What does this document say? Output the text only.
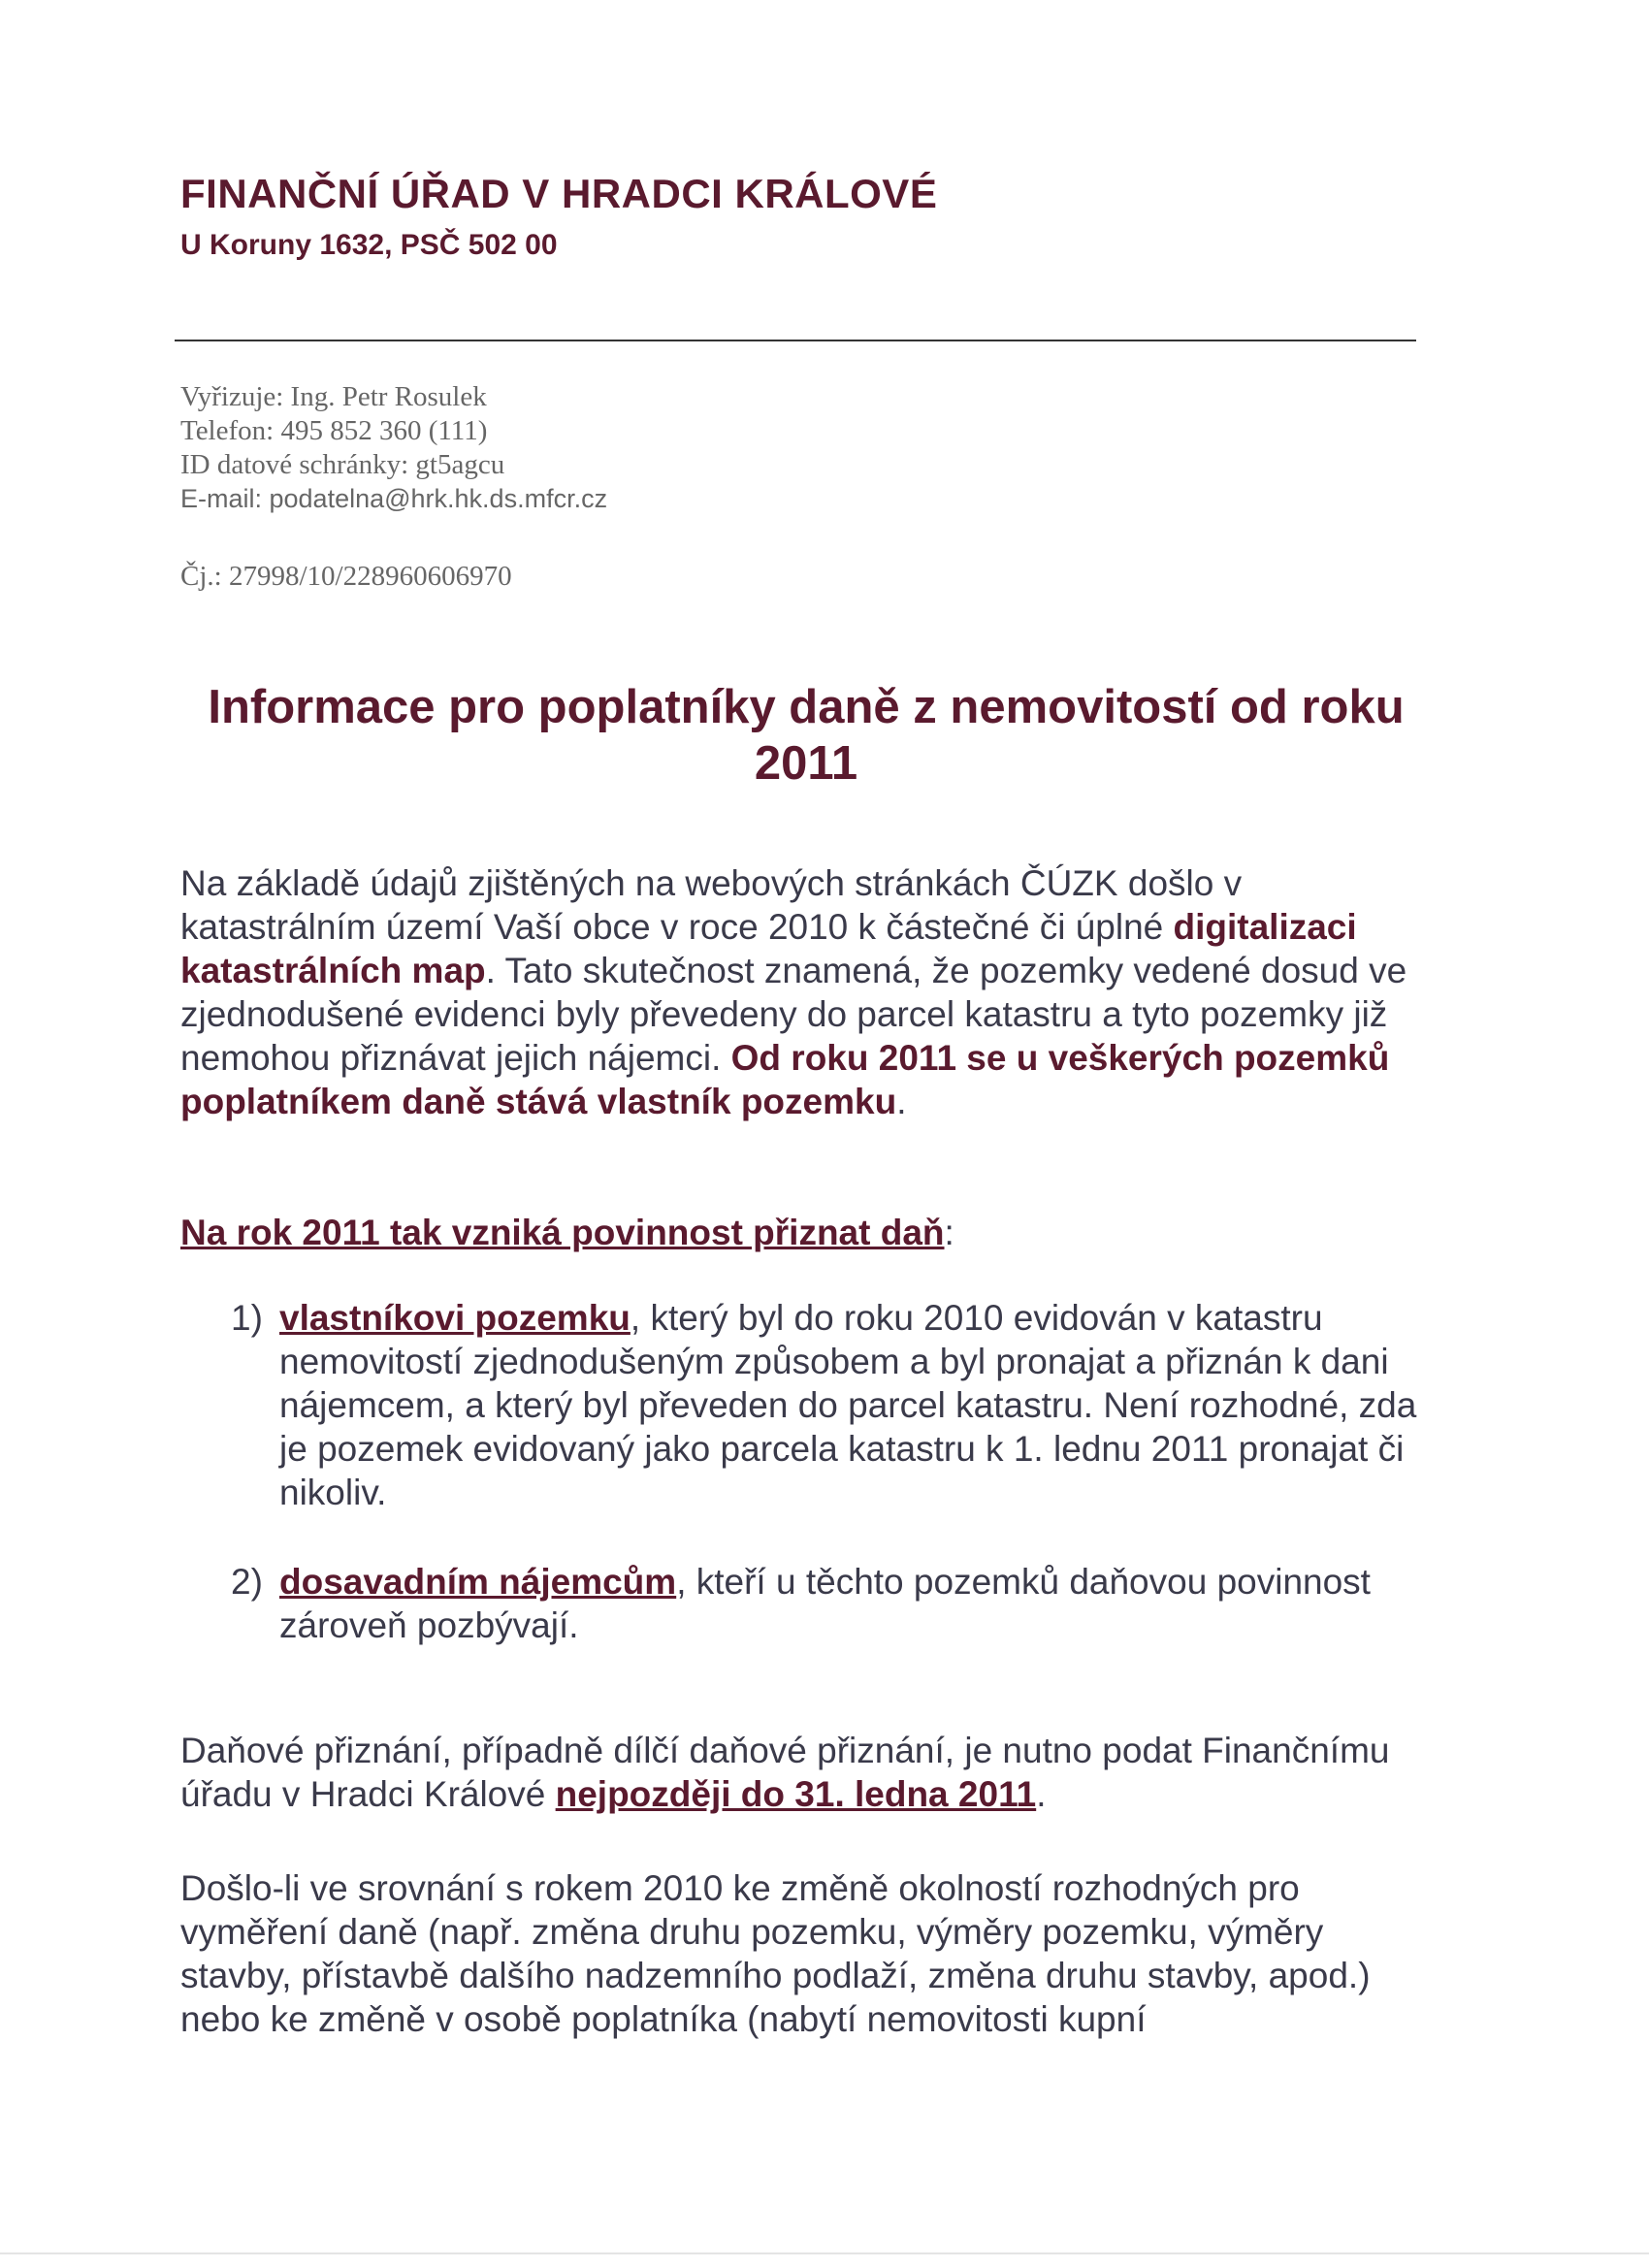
FINANČNÍ ÚŘAD V HRADCI KRÁLOVÉ
U Koruny 1632, PSČ 502 00
Vyřizuje: Ing. Petr Rosulek
Telefon: 495 852 360 (111)
ID datové schránky: gt5agcu
E-mail: podatelna@hrk.hk.ds.mfcr.cz
Čj.: 27998/10/228960606970
Informace pro poplatníky daně z nemovitostí od roku 2011
Na základě údajů zjištěných na webových stránkách ČÚZK došlo v katastrálním území Vaší obce v roce 2010 k částečné či úplné digitalizaci katastrálních map. Tato skutečnost znamená, že pozemky vedené dosud ve zjednodušené evidenci byly převedeny do parcel katastru a tyto pozemky již nemohou přiznávat jejich nájemci. Od roku 2011 se u veškerých pozemků poplatníkem daně stává vlastník pozemku.
Na rok 2011 tak vzniká povinnost přiznat daň:
1) vlastníkovi pozemku, který byl do roku 2010 evidován v katastru nemovitostí zjednodušeným způsobem a byl pronajat a přiznán k dani nájemcem, a který byl převeden do parcel katastru. Není rozhodné, zda je pozemek evidovaný jako parcela katastru k 1. lednu 2011 pronajat či nikoliv.
2) dosavadním nájemcům, kteří u těchto pozemků daňovou povinnost zároveň pozbývají.
Daňové přiznání, případně dílčí daňové přiznání, je nutno podat Finančnímu úřadu v Hradci Králové nejpozději do 31. ledna 2011.
Došlo-li ve srovnání s rokem 2010 ke změně okolností rozhodných pro vyměření daně (např. změna druhu pozemku, výměry pozemku, výměry stavby, přístavbě dalšího nadzemního podlaží, změna druhu stavby, apod.) nebo ke změně v osobě poplatníka (nabytí nemovitosti kupní
